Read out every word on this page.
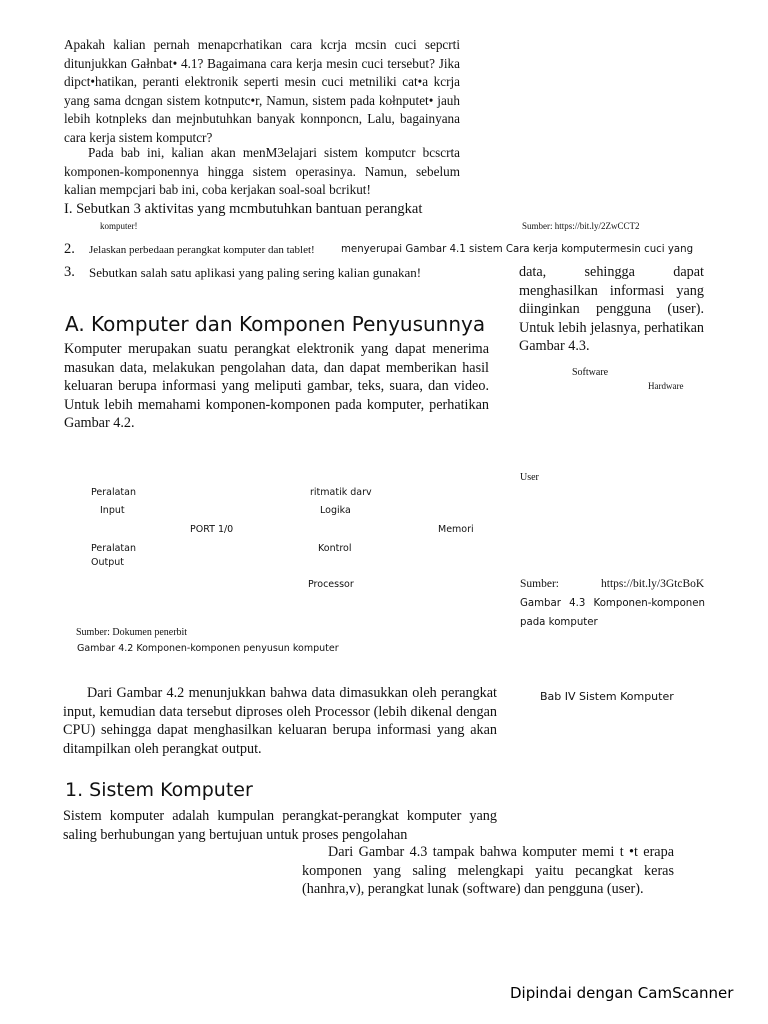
Apakah kalian pernah menapcrhatikan cara kcrja mcsin cuci sepcrti ditunjukkan Gałnbat• 4.1? Bagaimana cara kerja mesin cuci tersebut? Jika dipct•hatikan, peranti elektronik seperti mesin cuci metniliki cat•a kcrja yang sama dcngan sistem kotnputc•r, Namun, sistem pada kołnputet• jauh lebih kotnpleks dan mejnbutuhkan banyak konnponcn, Lalu, bagainyana cara kerja sistem komputcr?
Pada bab ini, kalian akan menM3elajari sistem komputcr bcscrta komponen-komponennya hingga sistem operasinya. Namun, sebelum kalian mempcjari bab ini, coba kerjakan soal-soal bcrikut!
I. Sebutkan 3 aktivitas yang mcmbutuhkan bantuan perangkat
komputer!	Sumber: https://bit.ly/2ZwCCT2
2. Jelaskan perbedaan perangkat komputer dan tablet!	menyerupai Gambar 4.1 sistem Cara kerja komputermesin cuci yang
3. Sebutkan salah satu aplikasi yang paling sering kalian gunakan!	data, sehingga dapat menghasilkan informasi yang diinginkan pengguna (user). Untuk lebih jelasnya, perhatikan Gambar 4.3.
Software
Hardware
User
Sumber:	https://bit.ly/3GtcBoK
Gambar 4.3 Komponen-komponen pada komputer
A. Komputer dan Komponen Penyusunnya
Komputer merupakan suatu perangkat elektronik yang dapat menerima masukan data, melakukan pengolahan data, dan dapat memberikan hasil keluaran berupa informasi yang meliputi gambar, teks, suara, dan video. Untuk lebih memahami komponen-komponen pada komputer, perhatikan Gambar 4.2.
Peralatan
Input
ritmatik darv
Logika
PORT 1/0	Memori
Peralatan
Output
Kontrol
Processor
Sumber: Dokumen penerbit
Gambar 4.2 Komponen-komponen penyusun komputer
Dari Gambar 4.2 menunjukkan bahwa data dimasukkan oleh perangkat input, kemudian data tersebut diproses oleh Processor (lebih dikenal dengan CPU) sehingga dapat menghasilkan keluaran berupa informasi yang akan ditampilkan oleh perangkat output.
Bab IV Sistem Komputer
1. Sistem Komputer
Sistem komputer adalah kumpulan perangkat-perangkat komputer yang saling berhubungan yang bertujuan untuk proses pengolahan
Dari Gambar 4.3 tampak bahwa komputer memi t •t erapa komponen yang saling melengkapi yaitu pecangkat keras (hanhra,v), perangkat lunak (software) dan pengguna (user).
Dipindai dengan CamScanner
